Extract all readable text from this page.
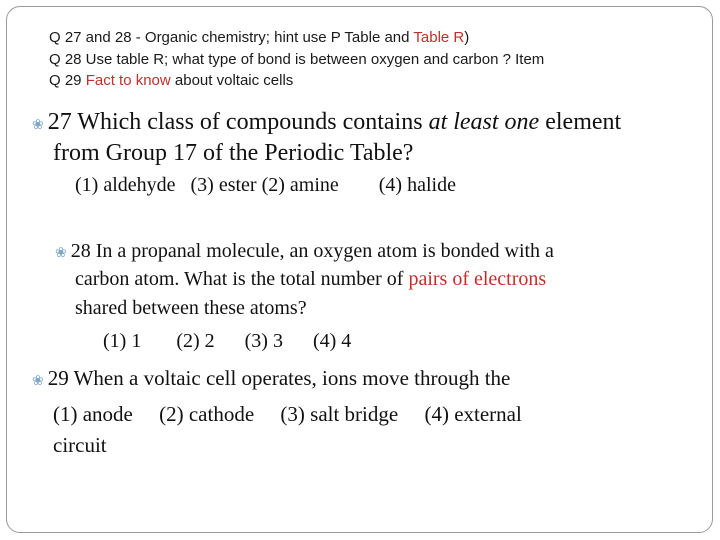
Q 27 and 28 - Organic chemistry; hint use P Table and Table R)
Q 28 Use table R; what type of bond is between oxygen and carbon ? Item
Q 29 Fact to know about voltaic cells
❀ 27 Which class of compounds contains at least one element
from Group 17 of the Periodic Table?
(1) aldehyde   (3) ester (2) amine        (4) halide
❀ 28 In a propanal molecule, an oxygen atom is bonded with a
carbon atom. What is the total number of pairs of electrons
shared between these atoms?
(1) 1       (2) 2      (3) 3      (4) 4
❀ 29 When a voltaic cell operates, ions move through the
(1) anode     (2) cathode     (3) salt bridge     (4) external
circuit
